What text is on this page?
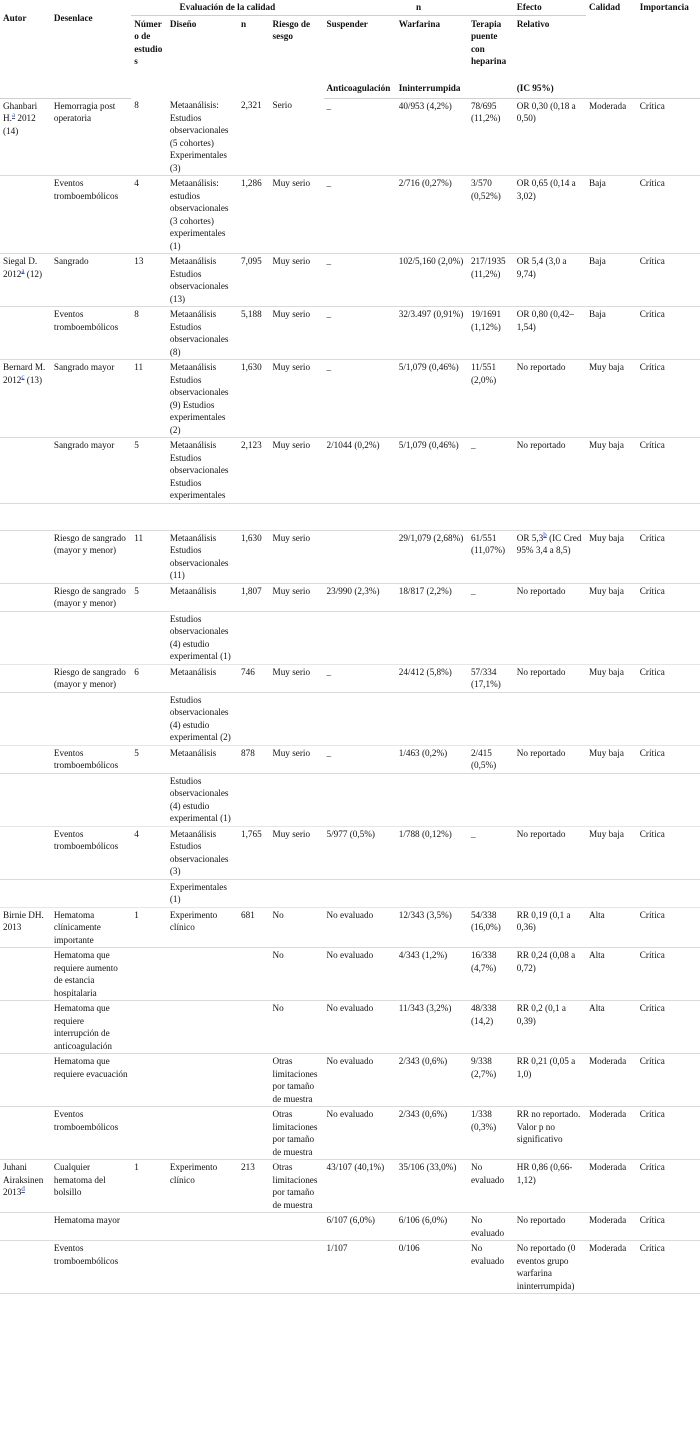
Autor	Desenlace	Evaluación de la calidad				n			Efecto	Calidad	Importancia
		Número de estudios	Diseño	n	Riesgo de sesgo	Suspender	Warfarina	Terapia puente con heparina	Relativo		
						Anticoagulación	Ininterrumpida		(IC 95%)		
Ghanbari H.$^a$ 2012 (14)	Hemorragia post operatoria	8	Metaanálisis: Estudios observacionales (5 cohortes) Experimentales (3)	2,321	Serio	_	40/953 (4,2%)	78/695 (11,2%)	OR 0,30 (0,18 a 0,50)	Moderada	Crítica
	Eventos tromboembólicos	4	Metaanálisis: estudios observacionales (3 cohortes) experimentales (1)	1,286	Muy serio	_	2/716 (0,27%)	3/570 (0,52%)	OR 0,65 (0,14 a 3,02)	Baja	Crítica
Siegal D. 2012$^a$ (12)	Sangrado	13	Metaanálisis Estudios observacionales (13)	7,095	Muy serio	_	102/5,160 (2,0%)	217/1935 (11,2%)	OR 5,4 (3,0 a 9,74)	Baja	Crítica
	Eventos tromboembólicos	8	Metaanálisis Estudios observacionales (8)	5,188	Muy serio	_	32/3.497 (0,91%)	19/1691 (1,12%)	OR 0,80 (0,42– 1,54)	Baja	Crítica
Bernard M. 2012$^c$ (13)	Sangrado mayor	11	Metaanálisis Estudios observacionales (9) Estudios experimentales (2)	1,630	Muy serio	_	5/1,079 (0,46%)	11/551 (2,0%)	No reportado	Muy baja	Crítica
	Sangrado mayor	5	Metaanálisis Estudios observacionales Estudios experimentales	2,123	Muy serio	2/1044 (0,2%)	5/1,079 (0,46%)	_	No reportado	Muy baja	Crítica

	Riesgo de sangrado (mayor y menor)	11	Metaanálisis Estudios observacionales (11)	1,630	Muy serio		29/1,079 (2,68%)	61/551 (11,07%)	OR 5,3$^b$ (IC Cred 95% 3,4 a 8,5)	Muy baja	Crítica
	Riesgo de sangrado (mayor y menor)	5	Metaanálisis	1,807	Muy serio	23/990 (2,3%)	18/817 (2,2%)	_	No reportado	Muy baja	Crítica
			Estudios observacionales (4) estudio experimental (1)								
	Riesgo de sangrado (mayor y menor)	6	Metaanálisis	746	Muy serio	_	24/412 (5,8%)	57/334 (17,1%)	No reportado	Muy baja	Crítica
			Estudios observacionales (4) estudio experimental (2)								
	Eventos tromboembólicos	5	Metaanálisis	878	Muy serio	_	1/463 (0,2%)	2/415 (0,5%)	No reportado	Muy baja	Crítica
			Estudios observacionales (4) estudio experimental (1)								
	Eventos tromboembólicos	4	Metaanálisis Estudios observacionales (3)	1,765	Muy serio	5/977 (0,5%)	1/788 (0,12%)	_	No reportado	Muy baja	Crítica
			Experimentales (1)								
Birnie DH. 2013	Hematoma clínicamente importante	1	Experimento clínico	681	No	No evaluado	12/343 (3,5%)	54/338 (16,0%)	RR 0,19 (0,1 a 0,36)	Alta	Crítica
	Hematoma que requiere aumento de estancia hospitalaria				No	No evaluado	4/343 (1,2%)	16/338 (4,7%)	RR 0,24 (0,08 a 0,72)	Alta	Crítica
	Hematoma que requiere interrupción de anticoagulación				No	No evaluado	11/343 (3,2%)	48/338 (14,2)	RR 0,2 (0,1 a 0,39)	Alta	Crítica
	Hematoma que requiere evacuación				Otras limitaciones por tamaño de muestra	No evaluado	2/343 (0,6%)	9/338 (2,7%)	RR 0,21 (0,05 a 1,0)	Moderada	Crítica
	Eventos tromboembólicos				Otras limitaciones por tamaño de muestra	No evaluado	2/343 (0,6%)	1/338 (0,3%)	RR no reportado. Valor p no significativo	Moderada	Crítica
Juhani Airaksinen 2013$^d$	Cualquier hematoma del bolsillo	1	Experimento clínico	213	Otras limitaciones por tamaño de muestra	43/107 (40,1%)	35/106 (33,0%)	No evaluado	HR 0,86 (0,66-1,12)	Moderada	Crítica
	Hematoma mayor					6/107 (6,0%)	6/106 (6,0%)	No evaluado	No reportado	Moderada	Crítica
	Eventos tromboembólicos					1/107	0/106	No evaluado	No reportado (0 eventos grupo warfarina ininterrumpida)	Moderada	Crítica
